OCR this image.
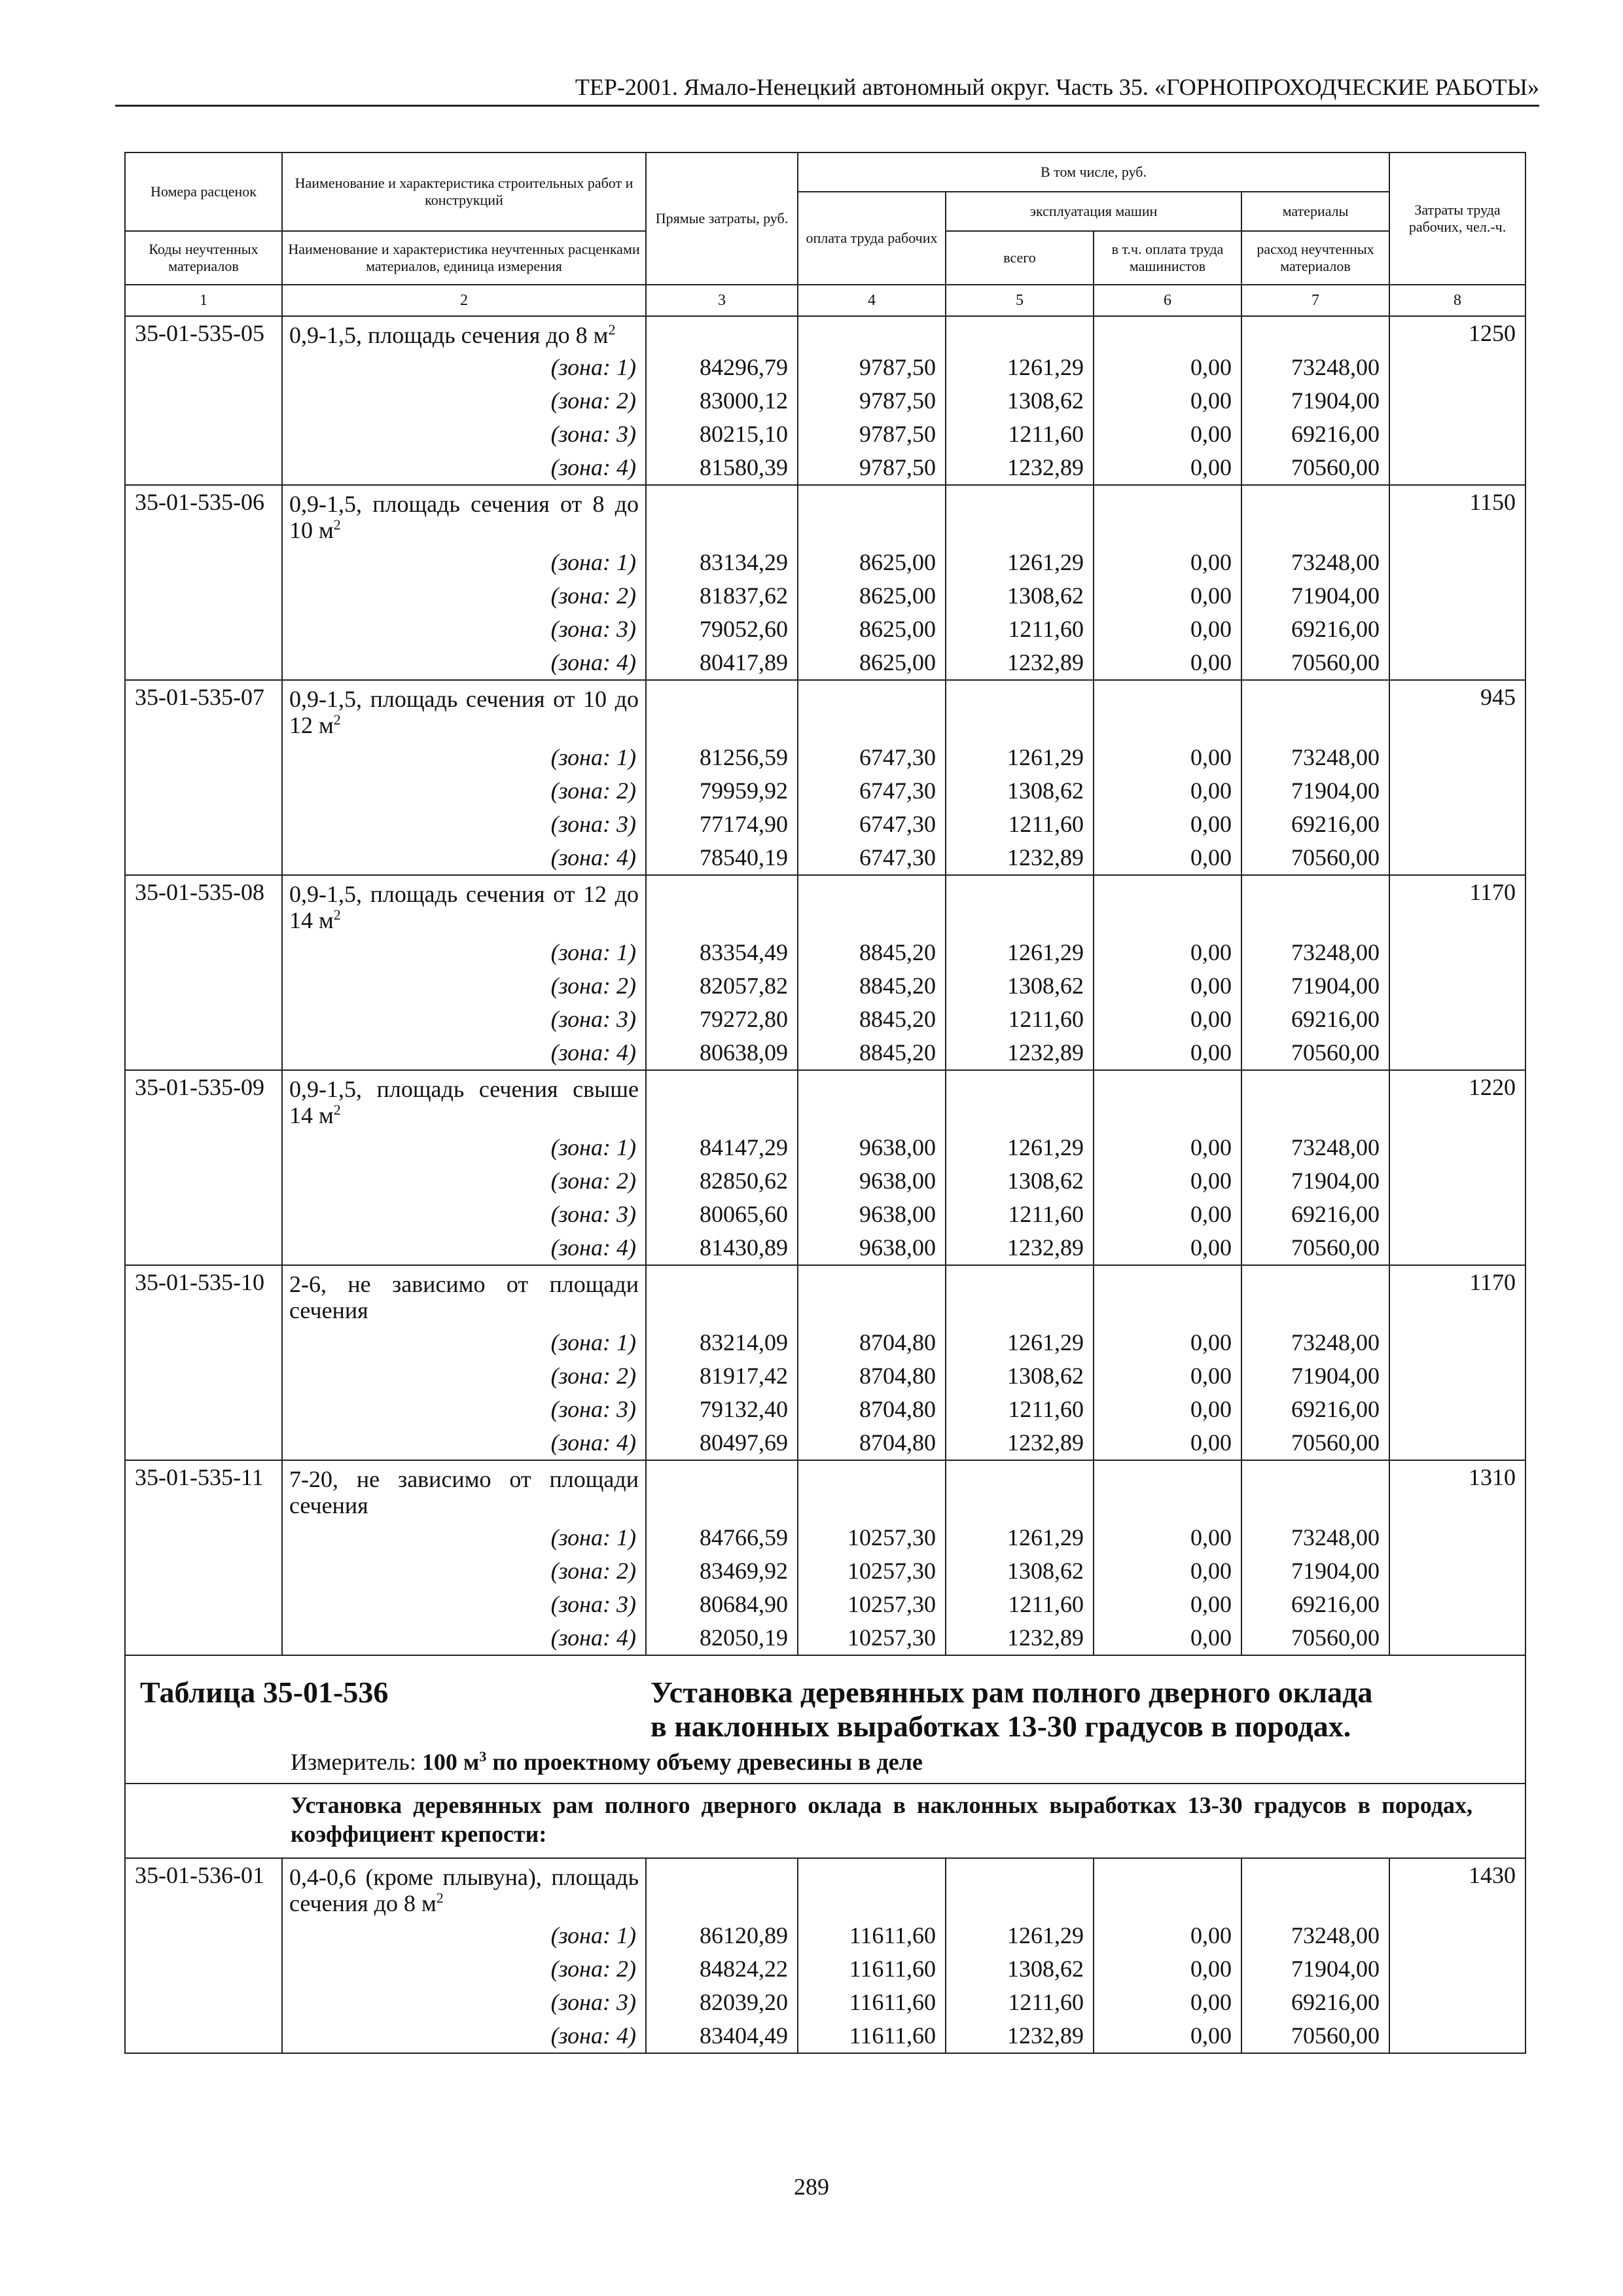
ТЕР-2001. Ямало-Ненецкий автономный округ. Часть 35. «ГОРНОПРОХОДЧЕСКИЕ РАБОТЫ»
Номера расценок	Наименование и характеристика строительных работ и конструкций	Прямые затраты, руб.	В том числе, руб.				Затраты труда рабочих, чел.-ч.
			оплата труда рабочих	эксплуатация машин		материалы	
Коды неучтенных материалов	Наименование и характеристика неучтенных расценками материалов, единица измерения			всего	в т.ч. оплата труда машинистов	расход неучтенных материалов	
1	2	3	4	5	6	7	8
35-01-535-05	0,9-1,5, площадь сечения до 8 $м^2$						1250
	(зона: 1)	84296,79	9787,50	1261,29	0,00	73248,00	
	(зона: 2)	83000,12	9787,50	1308,62	0,00	71904,00	
	(зона: 3)	80215,10	9787,50	1211,60	0,00	69216,00	
	(зона: 4)	81580,39	9787,50	1232,89	0,00	70560,00	
35-01-535-06	0,9-1,5, площадь сечения от 8 до 10 $м^2$						1150
	(зона: 1)	83134,29	8625,00	1261,29	0,00	73248,00	
	(зона: 2)	81837,62	8625,00	1308,62	0,00	71904,00	
	(зона: 3)	79052,60	8625,00	1211,60	0,00	69216,00	
	(зона: 4)	80417,89	8625,00	1232,89	0,00	70560,00	
35-01-535-07	0,9-1,5, площадь сечения от 10 до 12 $м^2$						945
	(зона: 1)	81256,59	6747,30	1261,29	0,00	73248,00	
	(зона: 2)	79959,92	6747,30	1308,62	0,00	71904,00	
	(зона: 3)	77174,90	6747,30	1211,60	0,00	69216,00	
	(зона: 4)	78540,19	6747,30	1232,89	0,00	70560,00	
35-01-535-08	0,9-1,5, площадь сечения от 12 до 14 $м^2$						1170
	(зона: 1)	83354,49	8845,20	1261,29	0,00	73248,00	
	(зона: 2)	82057,82	8845,20	1308,62	0,00	71904,00	
	(зона: 3)	79272,80	8845,20	1211,60	0,00	69216,00	
	(зона: 4)	80638,09	8845,20	1232,89	0,00	70560,00	
35-01-535-09	0,9-1,5, площадь сечения свыше 14 $м^2$						1220
	(зона: 1)	84147,29	9638,00	1261,29	0,00	73248,00	
	(зона: 2)	82850,62	9638,00	1308,62	0,00	71904,00	
	(зона: 3)	80065,60	9638,00	1211,60	0,00	69216,00	
	(зона: 4)	81430,89	9638,00	1232,89	0,00	70560,00	
35-01-535-10	2-6, не зависимо от площади сечения						1170
	(зона: 1)	83214,09	8704,80	1261,29	0,00	73248,00	
	(зона: 2)	81917,42	8704,80	1308,62	0,00	71904,00	
	(зона: 3)	79132,40	8704,80	1211,60	0,00	69216,00	
	(зона: 4)	80497,69	8704,80	1232,89	0,00	70560,00	
35-01-535-11	7-20, не зависимо от площади сечения						1310
	(зона: 1)	84766,59	10257,30	1261,29	0,00	73248,00	
	(зона: 2)	83469,92	10257,30	1308,62	0,00	71904,00	
	(зона: 3)	80684,90	10257,30	1211,60	0,00	69216,00	
	(зона: 4)	82050,19	10257,30	1232,89	0,00	70560,00	

Таблица 35-01-536 Установка деревянных рам полного дверного оклада
в наклонных выработках 13-30 градусов в породах.
Измеритель: 100 $м^3$ по проектному объему древесины в деле							

Установка деревянных рам полного дверного оклада в наклонных выработках 13-30 градусов в породах, коэффициент крепости:							
35-01-536-01	0,4-0,6 (кроме плывуна), площадь сечения до 8 $м^2$						1430
	(зона: 1)	86120,89	11611,60	1261,29	0,00	73248,00	
	(зона: 2)	84824,22	11611,60	1308,62	0,00	71904,00	
	(зона: 3)	82039,20	11611,60	1211,60	0,00	69216,00	
	(зона: 4)	83404,49	11611,60	1232,89	0,00	70560,00	
289
